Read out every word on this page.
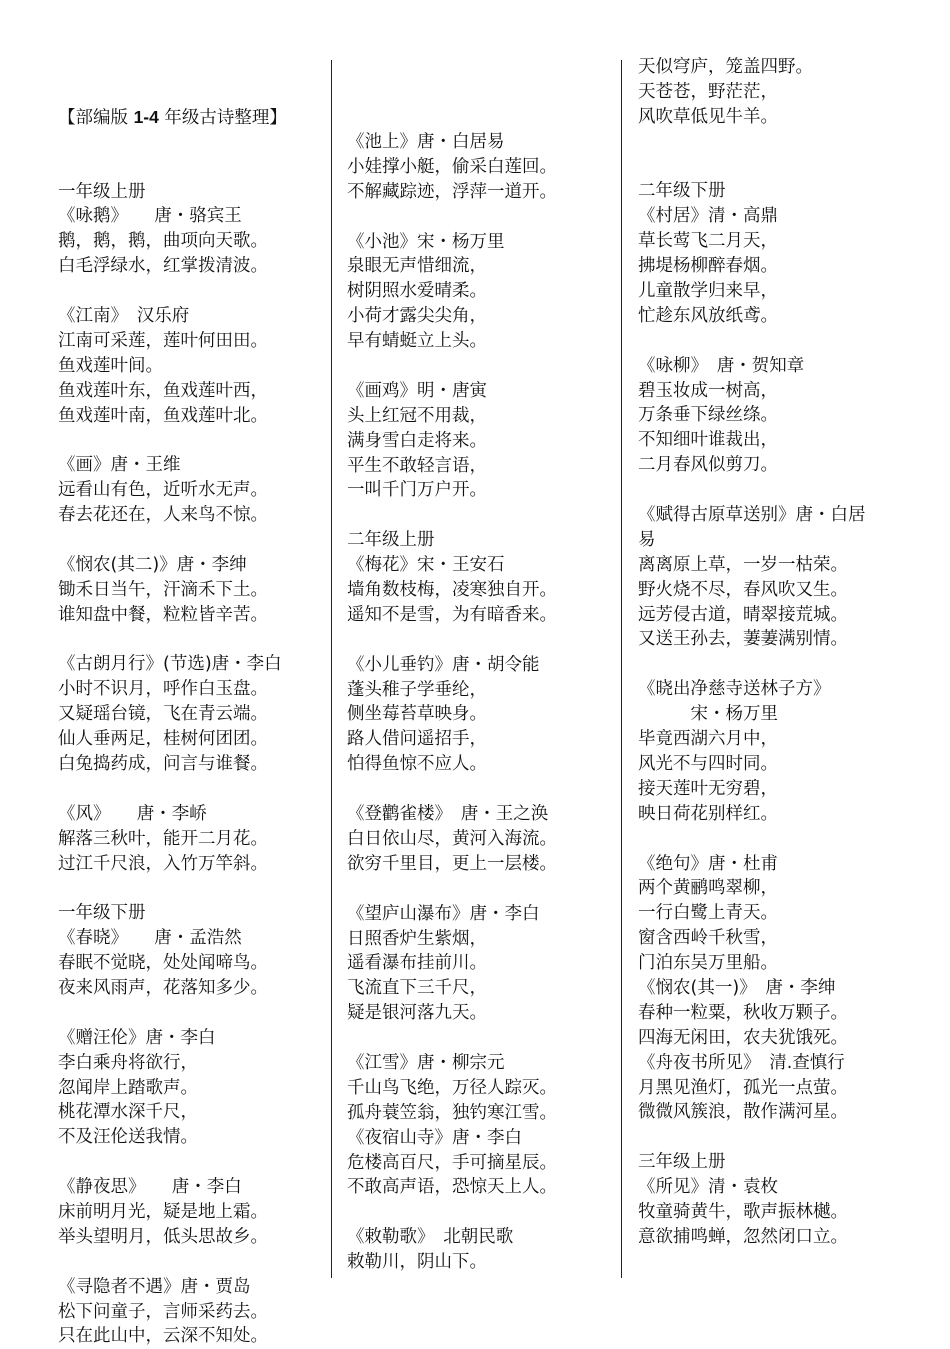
【部编版 1-4 年级古诗整理】

一年级上册
《咏鹅》　　唐・骆宾王
鹅，鹅，鹅，曲项向天歌。
白毛浮绿水，红掌拨清波。
《江南》　汉乐府
江南可采莲，莲叶何田田。
鱼戏莲叶间。
鱼戏莲叶东，鱼戏莲叶西，
鱼戏莲叶南，鱼戏莲叶北。
《画》唐・王维
远看山有色，近听水无声。
春去花还在，人来鸟不惊。
《悯农(其二)》唐・李绅
锄禾日当午，汗滴禾下土。
谁知盘中餐，粒粒皆辛苦。
《古朗月行》(节选)唐・李白
小时不识月，呼作白玉盘。
又疑瑶台镜，飞在青云端。
仙人垂两足，桂树何团团。
白兔捣药成，问言与谁餐。
《风》　　唐・李峤
解落三秋叶，能开二月花。
过江千尺浪，入竹万竿斜。
一年级下册
《春晓》　　唐・孟浩然
春眠不觉晓，处处闻啼鸟。
夜来风雨声，花落知多少。
《赠汪伦》唐・李白
李白乘舟将欲行，
忽闻岸上踏歌声。
桃花潭水深千尺，
不及汪伦送我情。
《静夜思》　　唐・李白
床前明月光，疑是地上霜。
举头望明月，低头思故乡。
《寻隐者不遇》唐・贾岛
松下问童子，言师采药去。
只在此山中，云深不知处。
《池上》唐・白居易
小娃撑小艇，偷采白莲回。
不解藏踪迹，浮萍一道开。
《小池》宋・杨万里
泉眼无声惜细流，
树阴照水爱晴柔。
小荷才露尖尖角，
早有蜻蜓立上头。
《画鸡》明・唐寅
头上红冠不用裁，
满身雪白走将来。
平生不敢轻言语，
一叫千门万户开。
二年级上册
《梅花》宋・王安石
墙角数枝梅，凌寒独自开。
遥知不是雪，为有暗香来。
《小儿垂钓》唐・胡令能
蓬头稚子学垂纶，
侧坐莓苔草映身。
路人借问遥招手，
怕得鱼惊不应人。
《登鹳雀楼》　唐・王之涣
白日依山尽，黄河入海流。
欲穷千里目，更上一层楼。
《望庐山瀑布》唐・李白
日照香炉生紫烟，
遥看瀑布挂前川。
飞流直下三千尺，
疑是银河落九天。
《江雪》唐・柳宗元
千山鸟飞绝，万径人踪灭。
孤舟蓑笠翁，独钓寒江雪。
《夜宿山寺》唐・李白
危楼高百尺，手可摘星辰。
不敢高声语，恐惊天上人。
《敕勒歌》　北朝民歌
敕勒川，阴山下。
天似穹庐，笼盖四野。
天苍苍，野茫茫，
风吹草低见牛羊。
二年级下册
《村居》清・高鼎
草长莺飞二月天，
拂堤杨柳醉春烟。
儿童散学归来早，
忙趁东风放纸鸢。
《咏柳》　唐・贺知章
碧玉妆成一树高，
万条垂下绿丝绦。
不知细叶谁裁出，
二月春风似剪刀。
《赋得古原草送别》唐・白居
易
离离原上草，一岁一枯荣。
野火烧不尽，春风吹又生。
远芳侵古道，晴翠接荒城。
又送王孙去，萋萋满别情。
《晓出净慈寺送林子方》
　　　宋・杨万里
毕竟西湖六月中，
风光不与四时同。
接天莲叶无穷碧，
映日荷花别样红。
《绝句》唐・杜甫
两个黄鹂鸣翠柳，
一行白鹭上青天。
窗含西岭千秋雪，
门泊东吴万里船。
《悯农(其一)》　唐・李绅
春种一粒粟，秋收万颗子。
四海无闲田，农夫犹饿死。
《舟夜书所见》　清.查慎行
月黑见渔灯，孤光一点萤。
微微风簇浪，散作满河星。
三年级上册
《所见》清・袁枚
牧童骑黄牛，歌声振林樾。
意欲捕鸣蝉，忽然闭口立。
